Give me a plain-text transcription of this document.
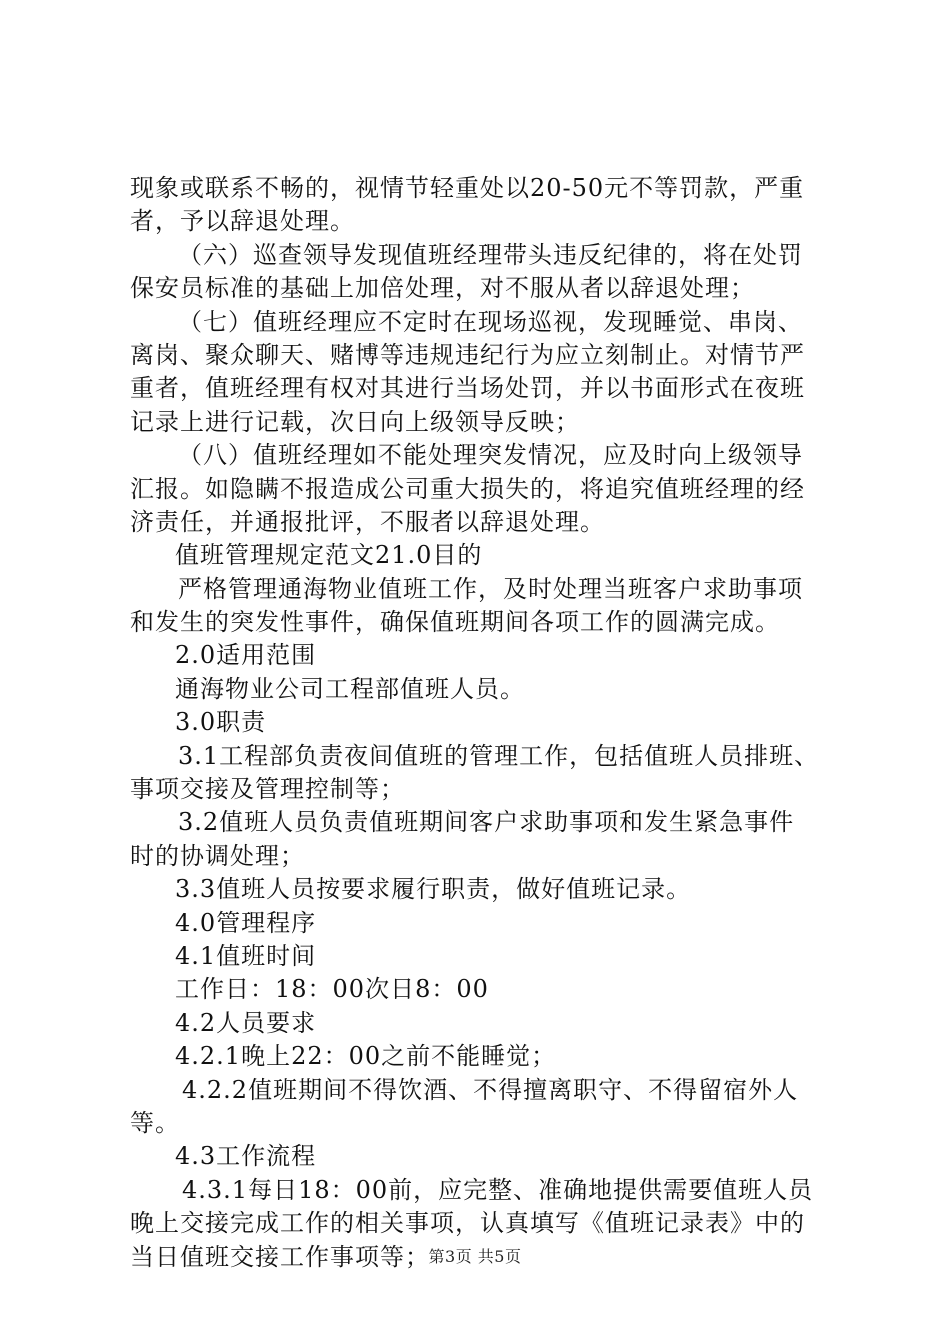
现象或联系不畅的，视情节轻重处以20-50元不等罚款，严重
者，予以辞退处理。
（六）巡查领导发现值班经理带头违反纪律的，将在处罚
保安员标准的基础上加倍处理，对不服从者以辞退处理；
（七）值班经理应不定时在现场巡视，发现睡觉、串岗、
离岗、聚众聊天、赌博等违规违纪行为应立刻制止。对情节严
重者，值班经理有权对其进行当场处罚，并以书面形式在夜班
记录上进行记载，次日向上级领导反映；
（八）值班经理如不能处理突发情况，应及时向上级领导
汇报。如隐瞒不报造成公司重大损失的，将追究值班经理的经
济责任，并通报批评，不服者以辞退处理。
值班管理规定范文21.0目的
严格管理通海物业值班工作，及时处理当班客户求助事项
和发生的突发性事件，确保值班期间各项工作的圆满完成。
2.0适用范围
通海物业公司工程部值班人员。
3.0职责
3.1工程部负责夜间值班的管理工作，包括值班人员排班、
事项交接及管理控制等；
3.2值班人员负责值班期间客户求助事项和发生紧急事件
时的协调处理；
3.3值班人员按要求履行职责，做好值班记录。
4.0管理程序
4.1值班时间
工作日：18：00次日8：00
4.2人员要求
4.2.1晚上22：00之前不能睡觉；
4.2.2值班期间不得饮酒、不得擅离职守、不得留宿外人
等。
4.3工作流程
4.3.1每日18：00前，应完整、准确地提供需要值班人员
晚上交接完成工作的相关事项，认真填写《值班记录表》中的
当日值班交接工作事项等；
第3页 共5页
